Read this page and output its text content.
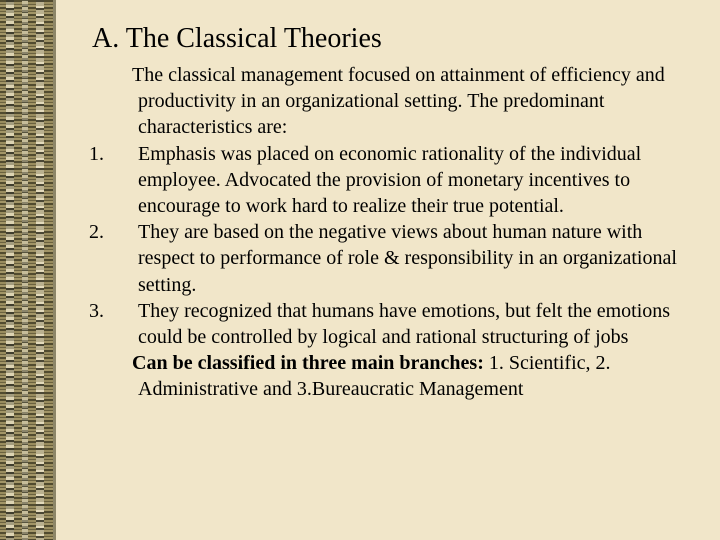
A. The Classical Theories

The classical management focused on attainment of efficiency and productivity in an organizational setting. The predominant characteristics are:

1. Emphasis was placed on economic rationality of the individual employee. Advocated the provision of monetary incentives to encourage to work hard to realize their true potential.
2. They are based on the negative views about human nature with respect to performance of role & responsibility in an organizational setting.
3. They recognized that humans have emotions, but felt the emotions could be controlled by logical and rational structuring of jobs

Can be classified in three main branches: 1. Scientific, 2. Administrative and 3.Bureaucratic Management
